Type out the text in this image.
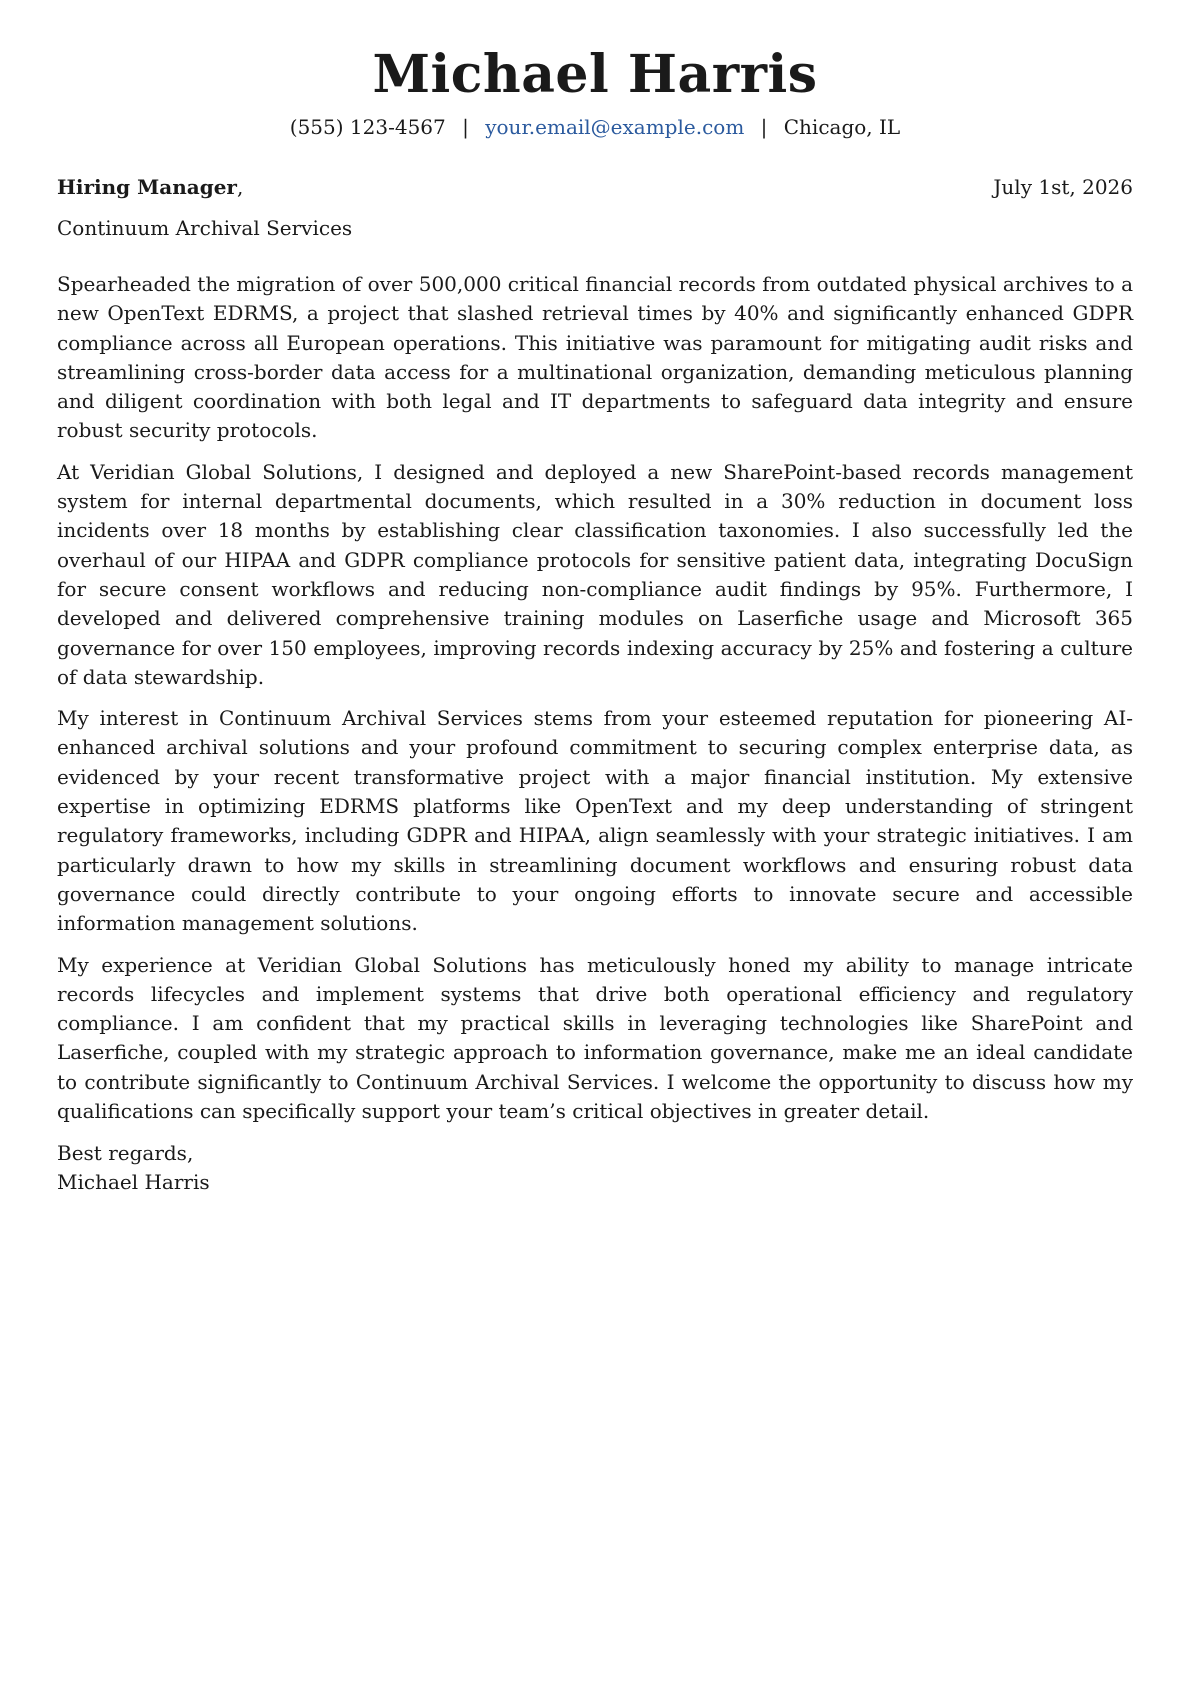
Michael Harris
(555) 123-4567 | your.email@example.com | Chicago, IL
Hiring Manager,	July 1st, 2026
Continuum Archival Services

Spearheaded the migration of over 500,000 critical financial records from outdated physical archives to a new OpenText EDRMS, a project that slashed retrieval times by 40% and significantly enhanced GDPR compliance across all European operations. This initiative was paramount for mitigating audit risks and streamlining cross-border data access for a multinational organization, demanding meticulous planning and diligent coordination with both legal and IT departments to safeguard data integrity and ensure robust security protocols.

At Veridian Global Solutions, I designed and deployed a new SharePoint-based records management system for internal departmental documents, which resulted in a 30% reduction in document loss incidents over 18 months by establishing clear classification taxonomies. I also successfully led the overhaul of our HIPAA and GDPR compliance protocols for sensitive patient data, integrating DocuSign for secure consent workflows and reducing non-compliance audit findings by 95%. Furthermore, I developed and delivered comprehensive training modules on Laserfiche usage and Microsoft 365 governance for over 150 employees, improving records indexing accuracy by 25% and fostering a culture of data stewardship.

My interest in Continuum Archival Services stems from your esteemed reputation for pioneering AI-enhanced archival solutions and your profound commitment to securing complex enterprise data, as evidenced by your recent transformative project with a major financial institution. My extensive expertise in optimizing EDRMS platforms like OpenText and my deep understanding of stringent regulatory frameworks, including GDPR and HIPAA, align seamlessly with your strategic initiatives. I am particularly drawn to how my skills in streamlining document workflows and ensuring robust data governance could directly contribute to your ongoing efforts to innovate secure and accessible information management solutions.

My experience at Veridian Global Solutions has meticulously honed my ability to manage intricate records lifecycles and implement systems that drive both operational efficiency and regulatory compliance. I am confident that my practical skills in leveraging technologies like SharePoint and Laserfiche, coupled with my strategic approach to information governance, make me an ideal candidate to contribute significantly to Continuum Archival Services. I welcome the opportunity to discuss how my qualifications can specifically support your team’s critical objectives in greater detail.

Best regards,
Michael Harris
